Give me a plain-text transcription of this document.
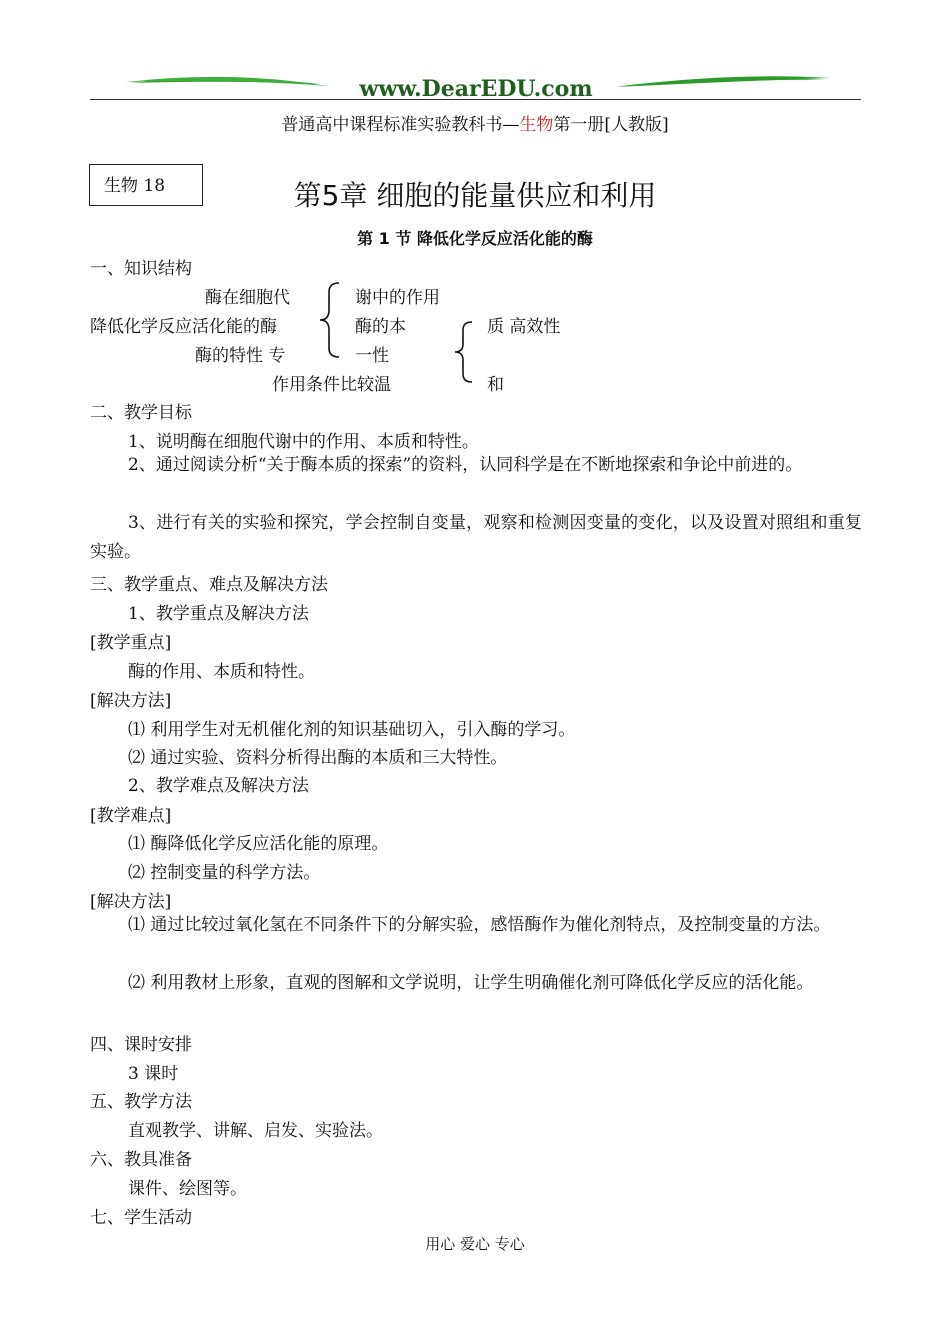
www.DearEDU.com
普通高中课程标准实验教科书—生物第一册[人教版]
生物 18	第5章 细胞的能量供应和利用
第 1 节 降低化学反应活化能的酶
一、知识结构
酶在细胞代	谢中的作用
降低化学反应活化能的酶	酶的本	质 高效性
酶的特性 专	一性
作用条件比较温	和
二、教学目标
1、说明酶在细胞代谢中的作用、本质和特性。
2、通过阅读分析“关于酶本质的探索”的资料，认同科学是在不断地探索和争论中前进的。
3、进行有关的实验和探究，学会控制自变量，观察和检测因变量的变化，以及设置对照组和重复实验。
三、教学重点、难点及解决方法
1、教学重点及解决方法
[教学重点]
酶的作用、本质和特性。
[解决方法]
⑴ 利用学生对无机催化剂的知识基础切入，引入酶的学习。
⑵ 通过实验、资料分析得出酶的本质和三大特性。
2、教学难点及解决方法
[教学难点]
⑴ 酶降低化学反应活化能的原理。
⑵ 控制变量的科学方法。
[解决方法]
⑴ 通过比较过氧化氢在不同条件下的分解实验，感悟酶作为催化剂特点，及控制变量的方法。
⑵ 利用教材上形象，直观的图解和文学说明，让学生明确催化剂可降低化学反应的活化能。
四、课时安排
3 课时
五、教学方法
直观教学、讲解、启发、实验法。
六、教具准备
课件、绘图等。
七、学生活动
用心 爱心 专心
